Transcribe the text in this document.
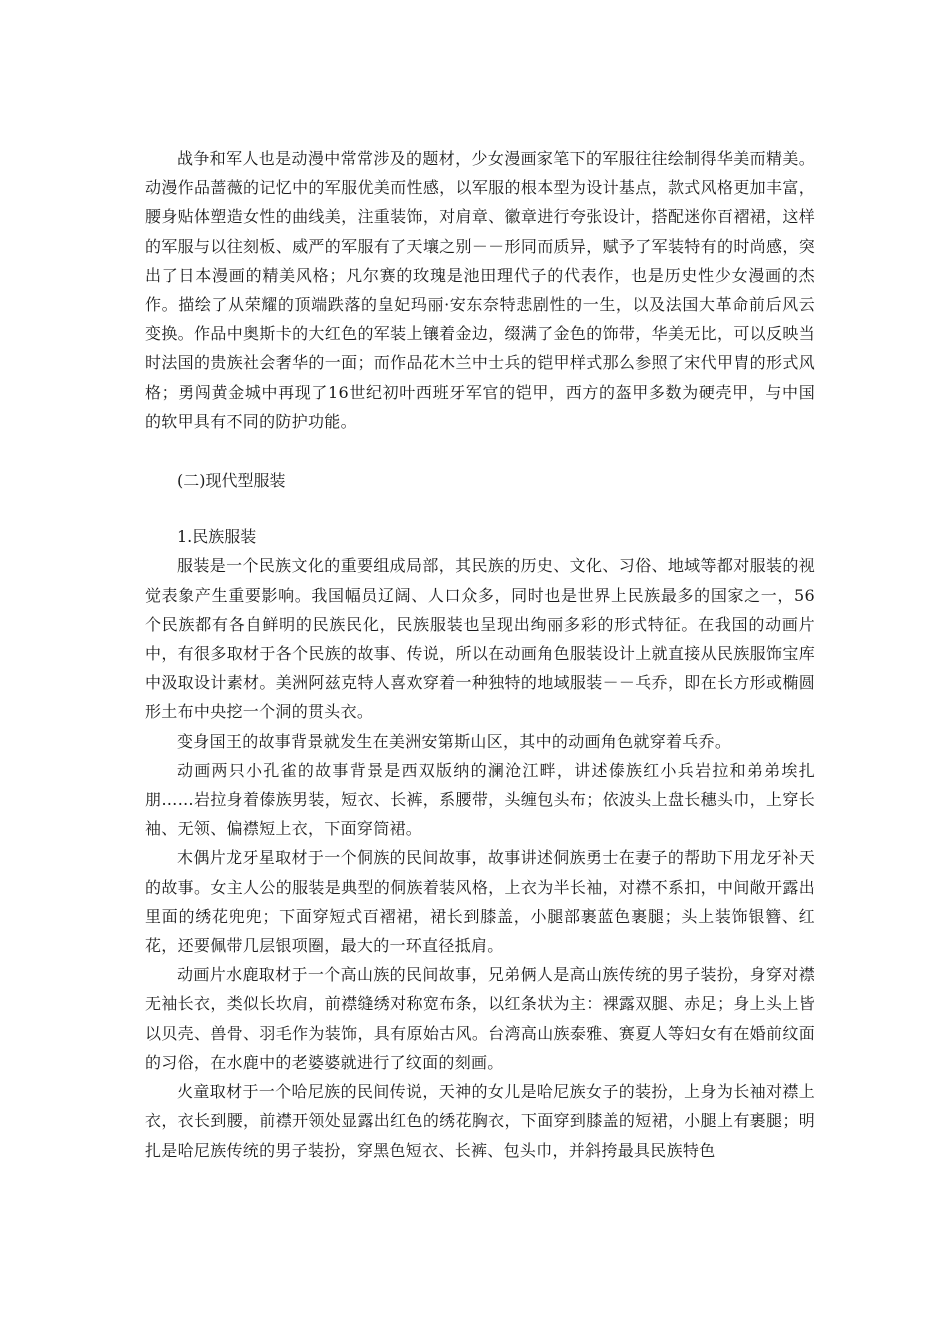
战争和军人也是动漫中常常涉及的题材，少女漫画家笔下的军服往往绘制得华美而精美。动漫作品蔷薇的记忆中的军服优美而性感，以军服的根本型为设计基点，款式风格更加丰富，腰身贴体塑造女性的曲线美，注重装饰，对肩章、徽章进行夸张设计，搭配迷你百褶裙，这样的军服与以往刻板、威严的军服有了天壤之别－－形同而质异，赋予了军装特有的时尚感，突出了日本漫画的精美风格；凡尔赛的玫瑰是池田理代子的代表作，也是历史性少女漫画的杰作。描绘了从荣耀的顶端跌落的皇妃玛丽·安东奈特悲剧性的一生，以及法国大革命前后风云变换。作品中奥斯卡的大红色的军装上镶着金边，缀满了金色的饰带，华美无比，可以反映当时法国的贵族社会奢华的一面；而作品花木兰中士兵的铠甲样式那么参照了宋代甲胄的形式风格；勇闯黄金城中再现了16世纪初叶西班牙军官的铠甲，西方的盔甲多数为硬壳甲，与中国的软甲具有不同的防护功能。

(二)现代型服装

1.民族服装

服装是一个民族文化的重要组成局部，其民族的历史、文化、习俗、地域等都对服装的视觉表象产生重要影响。我国幅员辽阔、人口众多，同时也是世界上民族最多的国家之一，56个民族都有各自鲜明的民族民化，民族服装也呈现出绚丽多彩的形式特征。在我国的动画片中，有很多取材于各个民族的故事、传说，所以在动画角色服装设计上就直接从民族服饰宝库中汲取设计素材。美洲阿兹克特人喜欢穿着一种独特的地域服装－－乓乔，即在长方形或椭圆形土布中央挖一个洞的贯头衣。

变身国王的故事背景就发生在美洲安第斯山区，其中的动画角色就穿着乓乔。

动画两只小孔雀的故事背景是西双版纳的澜沧江畔，讲述傣族红小兵岩拉和弟弟埃扎朋……岩拉身着傣族男装，短衣、长裤，系腰带，头缠包头布；依波头上盘长穗头巾，上穿长袖、无领、偏襟短上衣，下面穿筒裙。

木偶片龙牙星取材于一个侗族的民间故事，故事讲述侗族勇士在妻子的帮助下用龙牙补天的故事。女主人公的服装是典型的侗族着装风格，上衣为半长袖，对襟不系扣，中间敞开露出里面的绣花兜兜；下面穿短式百褶裙，裙长到膝盖，小腿部裹蓝色裹腿；头上装饰银簪、红花，还要佩带几层银项圈，最大的一环直径抵肩。

动画片水鹿取材于一个高山族的民间故事，兄弟俩人是高山族传统的男子装扮，身穿对襟无袖长衣，类似长坎肩，前襟缝绣对称宽布条，以红条状为主：裸露双腿、赤足；身上头上皆以贝壳、兽骨、羽毛作为装饰，具有原始古风。台湾高山族泰雅、赛夏人等妇女有在婚前纹面的习俗，在水鹿中的老婆婆就进行了纹面的刻画。

火童取材于一个哈尼族的民间传说，天神的女儿是哈尼族女子的装扮，上身为长袖对襟上衣，衣长到腰，前襟开领处显露出红色的绣花胸衣，下面穿到膝盖的短裙，小腿上有裹腿；明扎是哈尼族传统的男子装扮，穿黑色短衣、长裤、包头巾，并斜挎最具民族特色
